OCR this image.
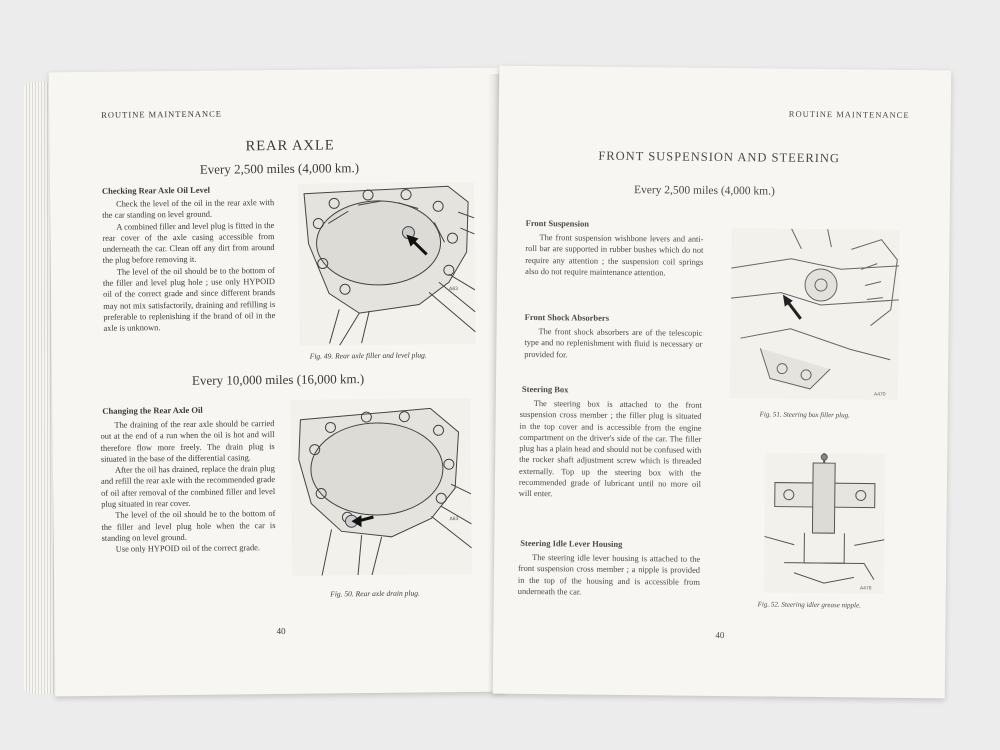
ROUTINE MAINTENANCE
REAR AXLE
Every 2,500 miles (4,000 km.)
Checking Rear Axle Oil Level

Check the level of the oil in the rear axle with the car standing on level ground.

A combined filler and level plug is fitted in the rear cover of the axle casing accessible from underneath the car. Clean off any dirt from around the plug before removing it.

The level of the oil should be to the bottom of the filler and level plug hole ; use only HYPOID oil of the correct grade and since different brands may not mix satisfactorily, draining and refilling is preferable to replenishing if the brand of oil in the axle is unknown.

A63
Fig. 49. Rear axle filler and level plug.
Every 10,000 miles (16,000 km.)
Changing the Rear Axle Oil

The draining of the rear axle should be carried out at the end of a run when the oil is hot and will therefore flow more freely. The drain plug is situated in the base of the differential casing.

After the oil has drained, replace the drain plug and refill the rear axle with the recommended grade of oil after removal of the combined filler and level plug situated in rear cover.

The level of the oil should be to the bottom of the filler and level plug hole when the car is standing on level ground.

Use only HYPOID oil of the correct grade.

A63
Fig. 50. Rear axle drain plug.
40
ROUTINE MAINTENANCE
FRONT SUSPENSION AND STEERING
Every 2,500 miles (4,000 km.)
Front Suspension

The front suspension wishbone levers and anti-roll bar are supported in rubber bushes which do not require any attention ; the suspension coil springs also do not require maintenance attention.

Front Shock Absorbers

The front shock absorbers are of the telescopic type and no replenishment with fluid is necessary or provided for.

Steering Box

The steering box is attached to the front suspension cross member ; the filler plug is situated in the top cover and is accessible from the engine compartment on the driver's side of the car. The filler plug has a plain head and should not be confused with the rocker shaft adjustment screw which is threaded externally. Top up the steering box with the recommended grade of lubricant until no more oil will enter.

Steering Idle Lever Housing

The steering idle lever housing is attached to the front suspension cross member ; a nipple is provided in the top of the housing and is accessible from underneath the car.

A470
Fig. 51. Steering box filler plug.
A476
Fig. 52. Steering idler grease nipple.
40
